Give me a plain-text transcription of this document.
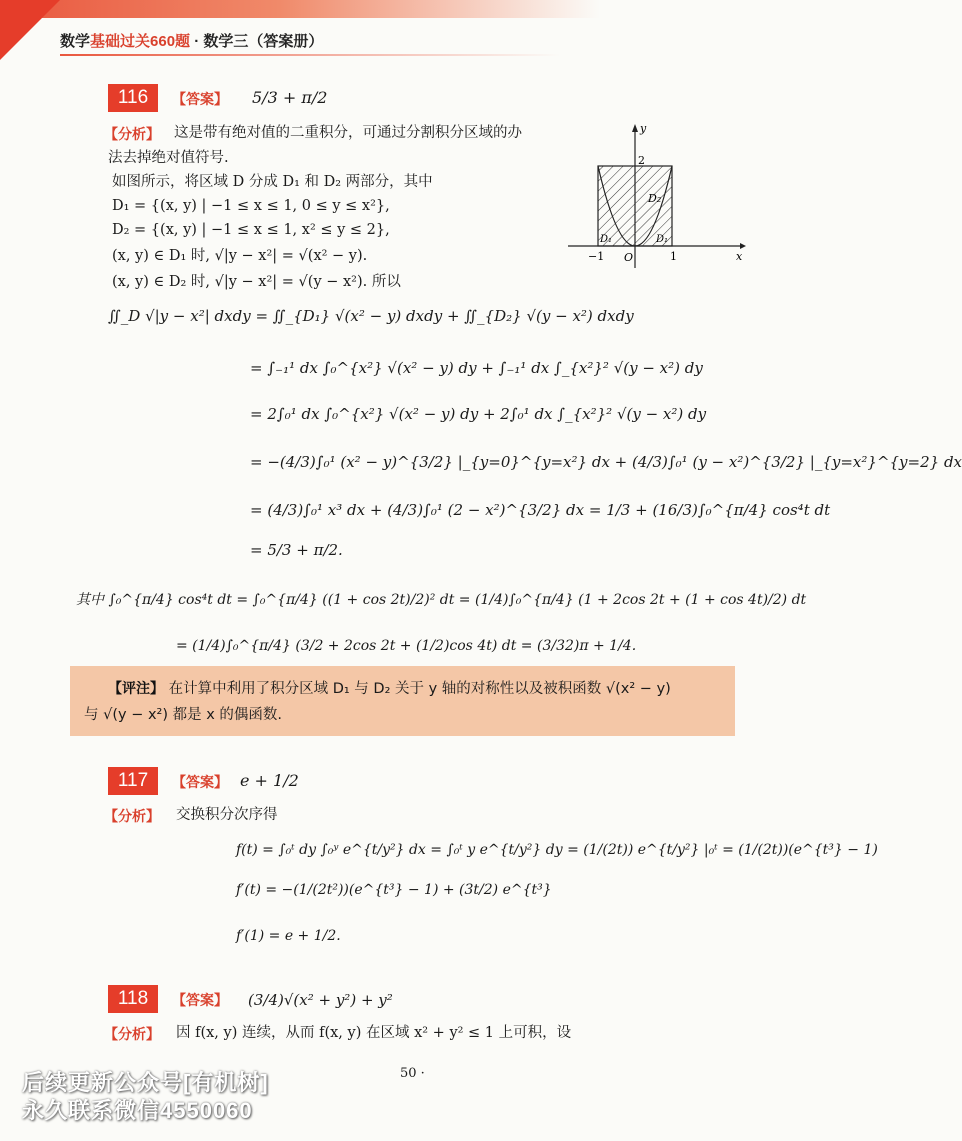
数学基础过关660题 · 数学三（答案册）
116	【答案】 5/3 + π/2
【分析】 这是带有绝对值的二重积分，可通过分割积分区域的办
法去掉绝对值符号.
如图所示，将区域 D 分成 D₁ 和 D₂ 两部分，其中
D₁ = {(x, y) | −1 ≤ x ≤ 1, 0 ≤ y ≤ x²},
D₂ = {(x, y) | −1 ≤ x ≤ 1, x² ≤ y ≤ 2},
(x, y) ∈ D₁ 时, √|y − x²| = √(x² − y).
(x, y) ∈ D₂ 时, √|y − x²| = √(y − x²). 所以
−1	1
O
2
y
x
D₁	D₁
D₂
∬_D √|y − x²| dxdy = ∬_{D₁} √(x² − y) dxdy + ∬_{D₂} √(y − x²) dxdy
= ∫₋₁¹ dx ∫₀^{x²} √(x² − y) dy + ∫₋₁¹ dx ∫_{x²}² √(y − x²) dy
= 2∫₀¹ dx ∫₀^{x²} √(x² − y) dy + 2∫₀¹ dx ∫_{x²}² √(y − x²) dy
= −(4/3)∫₀¹ (x² − y)^{3/2} |_{y=0}^{y=x²} dx + (4/3)∫₀¹ (y − x²)^{3/2} |_{y=x²}^{y=2} dx
= (4/3)∫₀¹ x³ dx + (4/3)∫₀¹ (2 − x²)^{3/2} dx = 1/3 + (16/3)∫₀^{π/4} cos⁴t dt
= 5/3 + π/2.
其中 ∫₀^{π/4} cos⁴t dt = ∫₀^{π/4} ((1 + cos 2t)/2)² dt = (1/4)∫₀^{π/4} (1 + 2cos 2t + (1 + cos 4t)/2) dt
= (1/4)∫₀^{π/4} (3/2 + 2cos 2t + (1/2)cos 4t) dt = (3/32)π + 1/4.
【评注】 在计算中利用了积分区域 D₁ 与 D₂ 关于 y 轴的对称性以及被积函数 √(x² − y)
与 √(y − x²) 都是 x 的偶函数.
117	【答案】 e + 1/2
【分析】 交换积分次序得
f(t) = ∫₀ᵗ dy ∫₀ʸ e^{t/y²} dx = ∫₀ᵗ y e^{t/y²} dy = (1/(2t)) e^{t/y²} |₀ᵗ = (1/(2t))(e^{t³} − 1)
f′(t) = −(1/(2t²))(e^{t³} − 1) + (3t/2) e^{t³}
f′(1) = e + 1/2.
118	【答案】 (3/4)√(x² + y²) + y²
【分析】 因 f(x, y) 连续，从而 f(x, y) 在区域 x² + y² ≤ 1 上可积，设
50 ·
后续更新公众号[有机树]
永久联系微信4550060
